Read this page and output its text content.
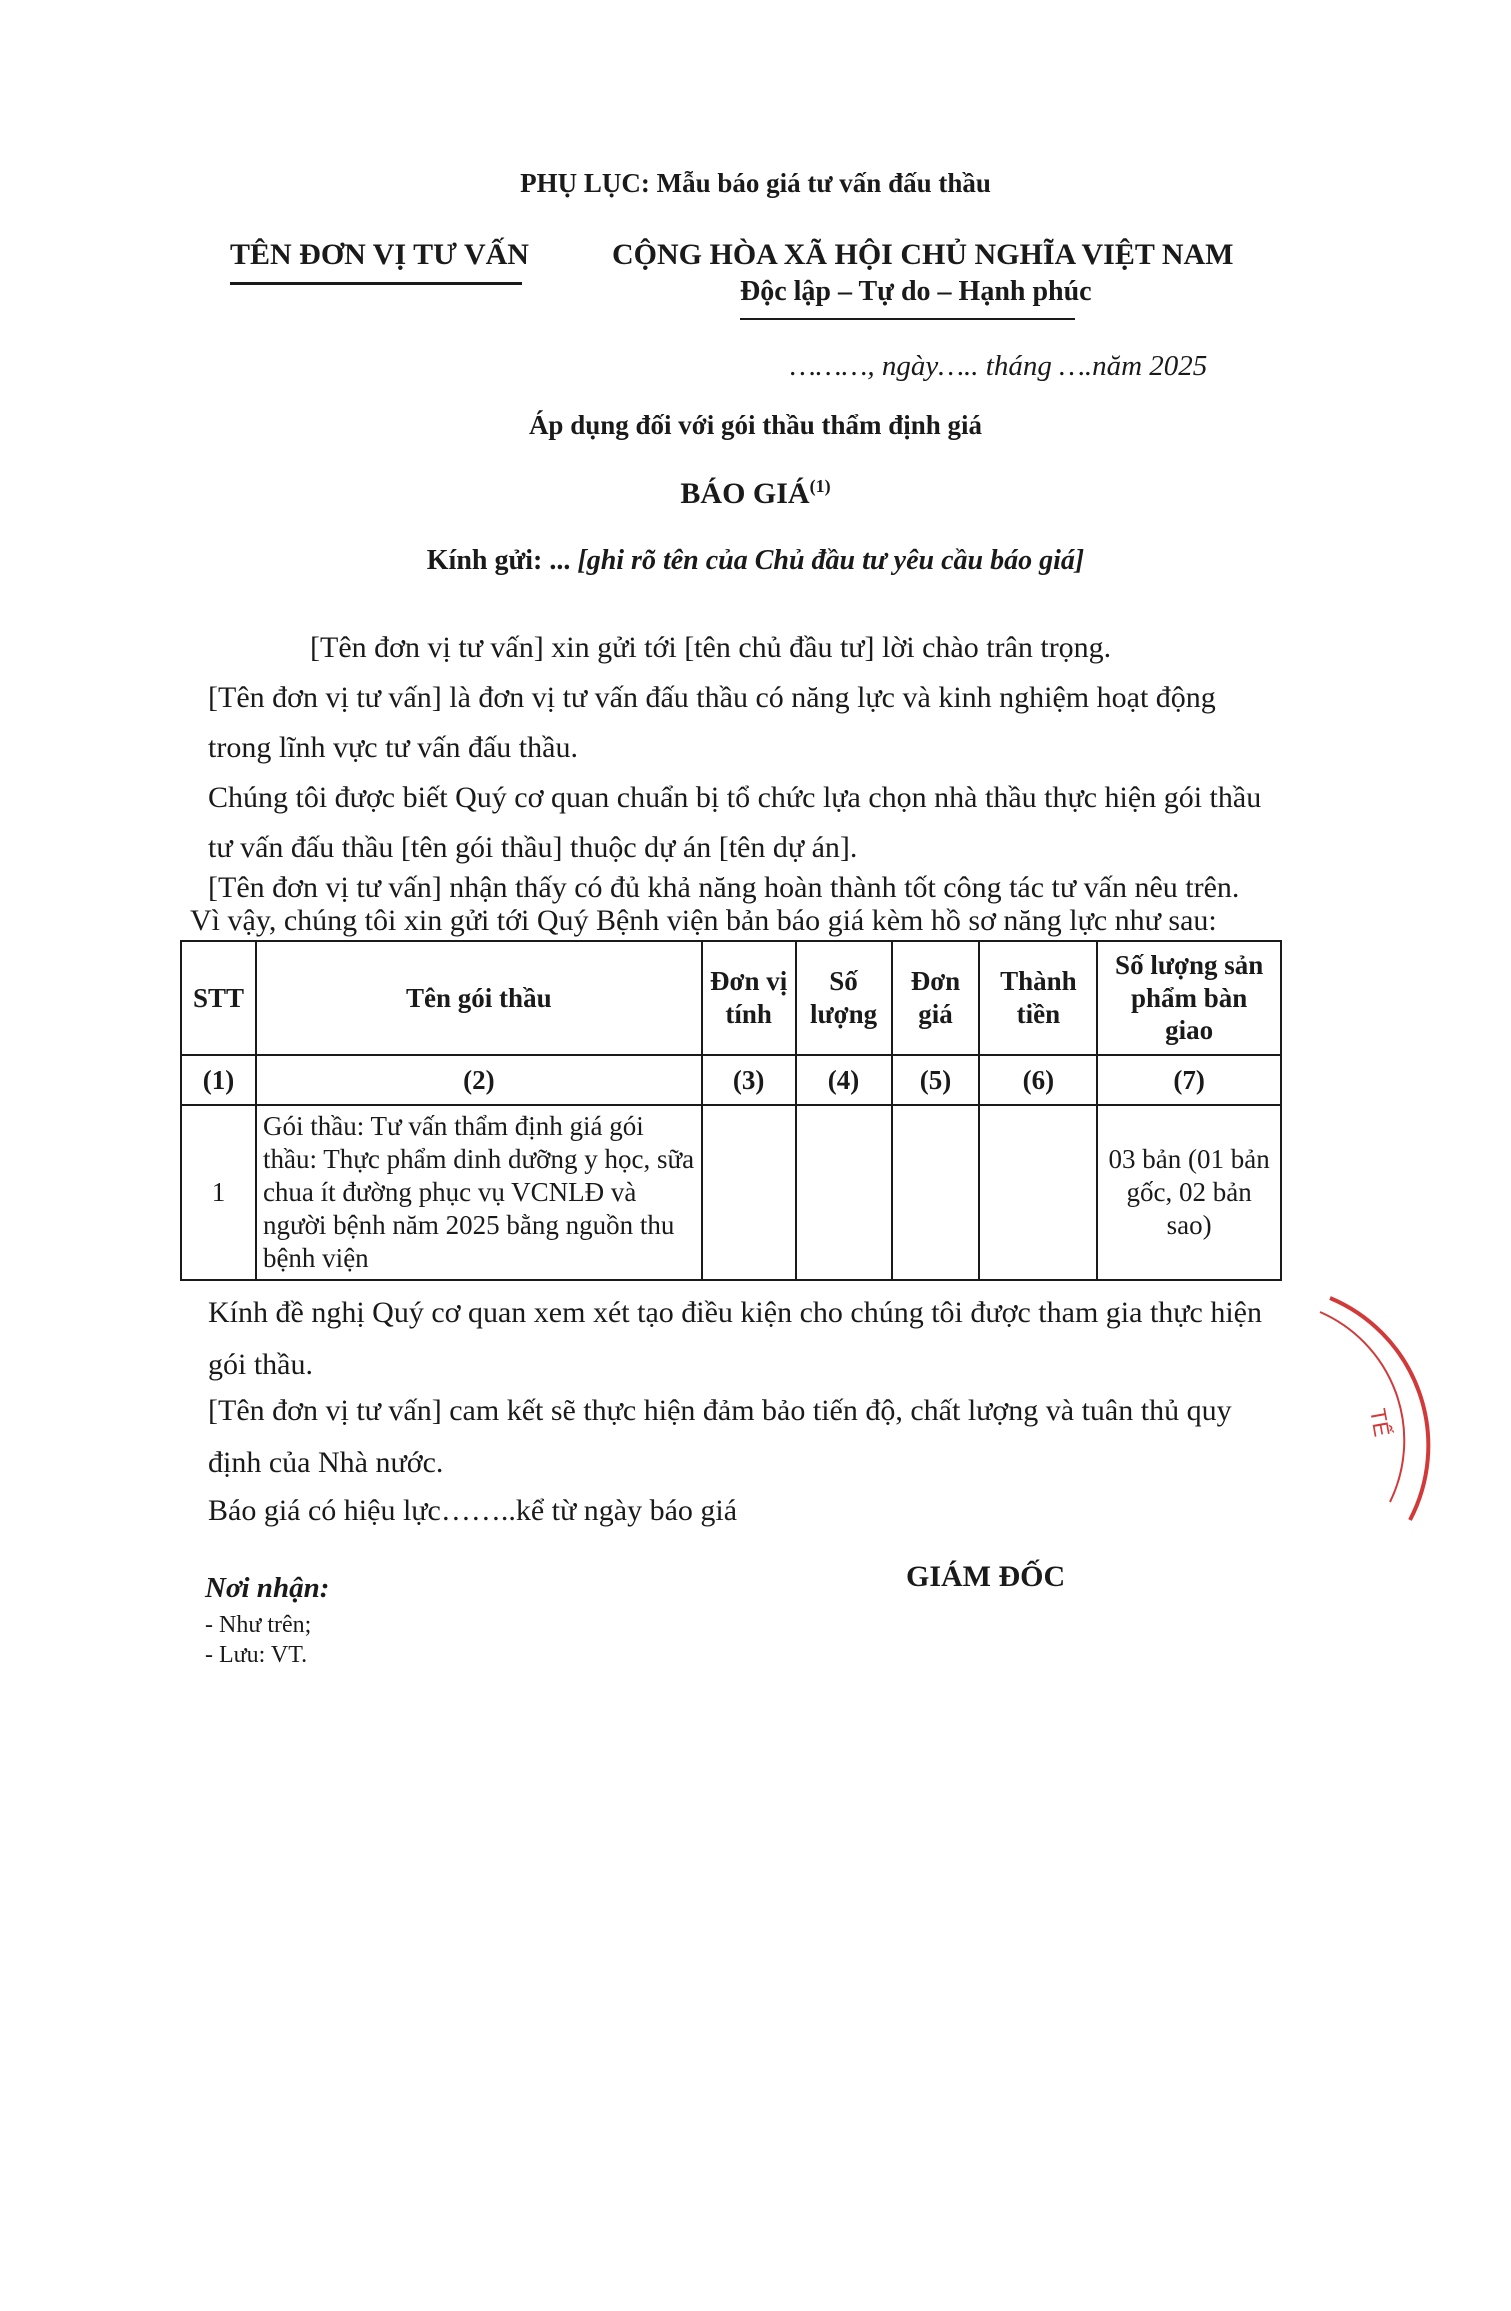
PHỤ LỤC: Mẫu báo giá tư vấn đấu thầu
TÊN ĐƠN VỊ TƯ VẤN	CỘNG HÒA XÃ HỘI CHỦ NGHĨA VIỆT NAM
Độc lập – Tự do – Hạnh phúc
………, ngày….. tháng ….năm 2025
Áp dụng đối với gói thầu thẩm định giá
BÁO GIÁ$^{(1)}$
Kính gửi: ... [ghi rõ tên của Chủ đầu tư yêu cầu báo giá]
[Tên đơn vị tư vấn] xin gửi tới [tên chủ đầu tư] lời chào trân trọng.
[Tên đơn vị tư vấn] là đơn vị tư vấn đấu thầu có năng lực và kinh nghiệm hoạt động
trong lĩnh vực tư vấn đấu thầu.
Chúng tôi được biết Quý cơ quan chuẩn bị tổ chức lựa chọn nhà thầu thực hiện gói thầu
tư vấn đấu thầu [tên gói thầu] thuộc dự án [tên dự án].
[Tên đơn vị tư vấn] nhận thấy có đủ khả năng hoàn thành tốt công tác tư vấn nêu trên.
Vì vậy, chúng tôi xin gửi tới Quý Bệnh viện bản báo giá kèm hồ sơ năng lực như sau:
STT	Tên gói thầu	Đơn vị tính	Số lượng	Đơn giá	Thành tiền	Số lượng sản phẩm bàn giao
(1)	(2)	(3)	(4)	(5)	(6)	(7)
1	Gói thầu: Tư vấn thẩm định giá gói thầu: Thực phẩm dinh dưỡng y học, sữa chua ít đường phục vụ VCNLĐ và người bệnh năm 2025 bằng nguồn thu bệnh viện					03 bản (01 bản gốc, 02 bản sao)
Kính đề nghị Quý cơ quan xem xét tạo điều kiện cho chúng tôi được tham gia thực hiện
gói thầu.
[Tên đơn vị tư vấn] cam kết sẽ thực hiện đảm bảo tiến độ, chất lượng và tuân thủ quy
định của Nhà nước.
Báo giá có hiệu lực……..kể từ ngày báo giá
Nơi nhận:
- Như trên;
- Lưu: VT.
GIÁM ĐỐC
TẾ
